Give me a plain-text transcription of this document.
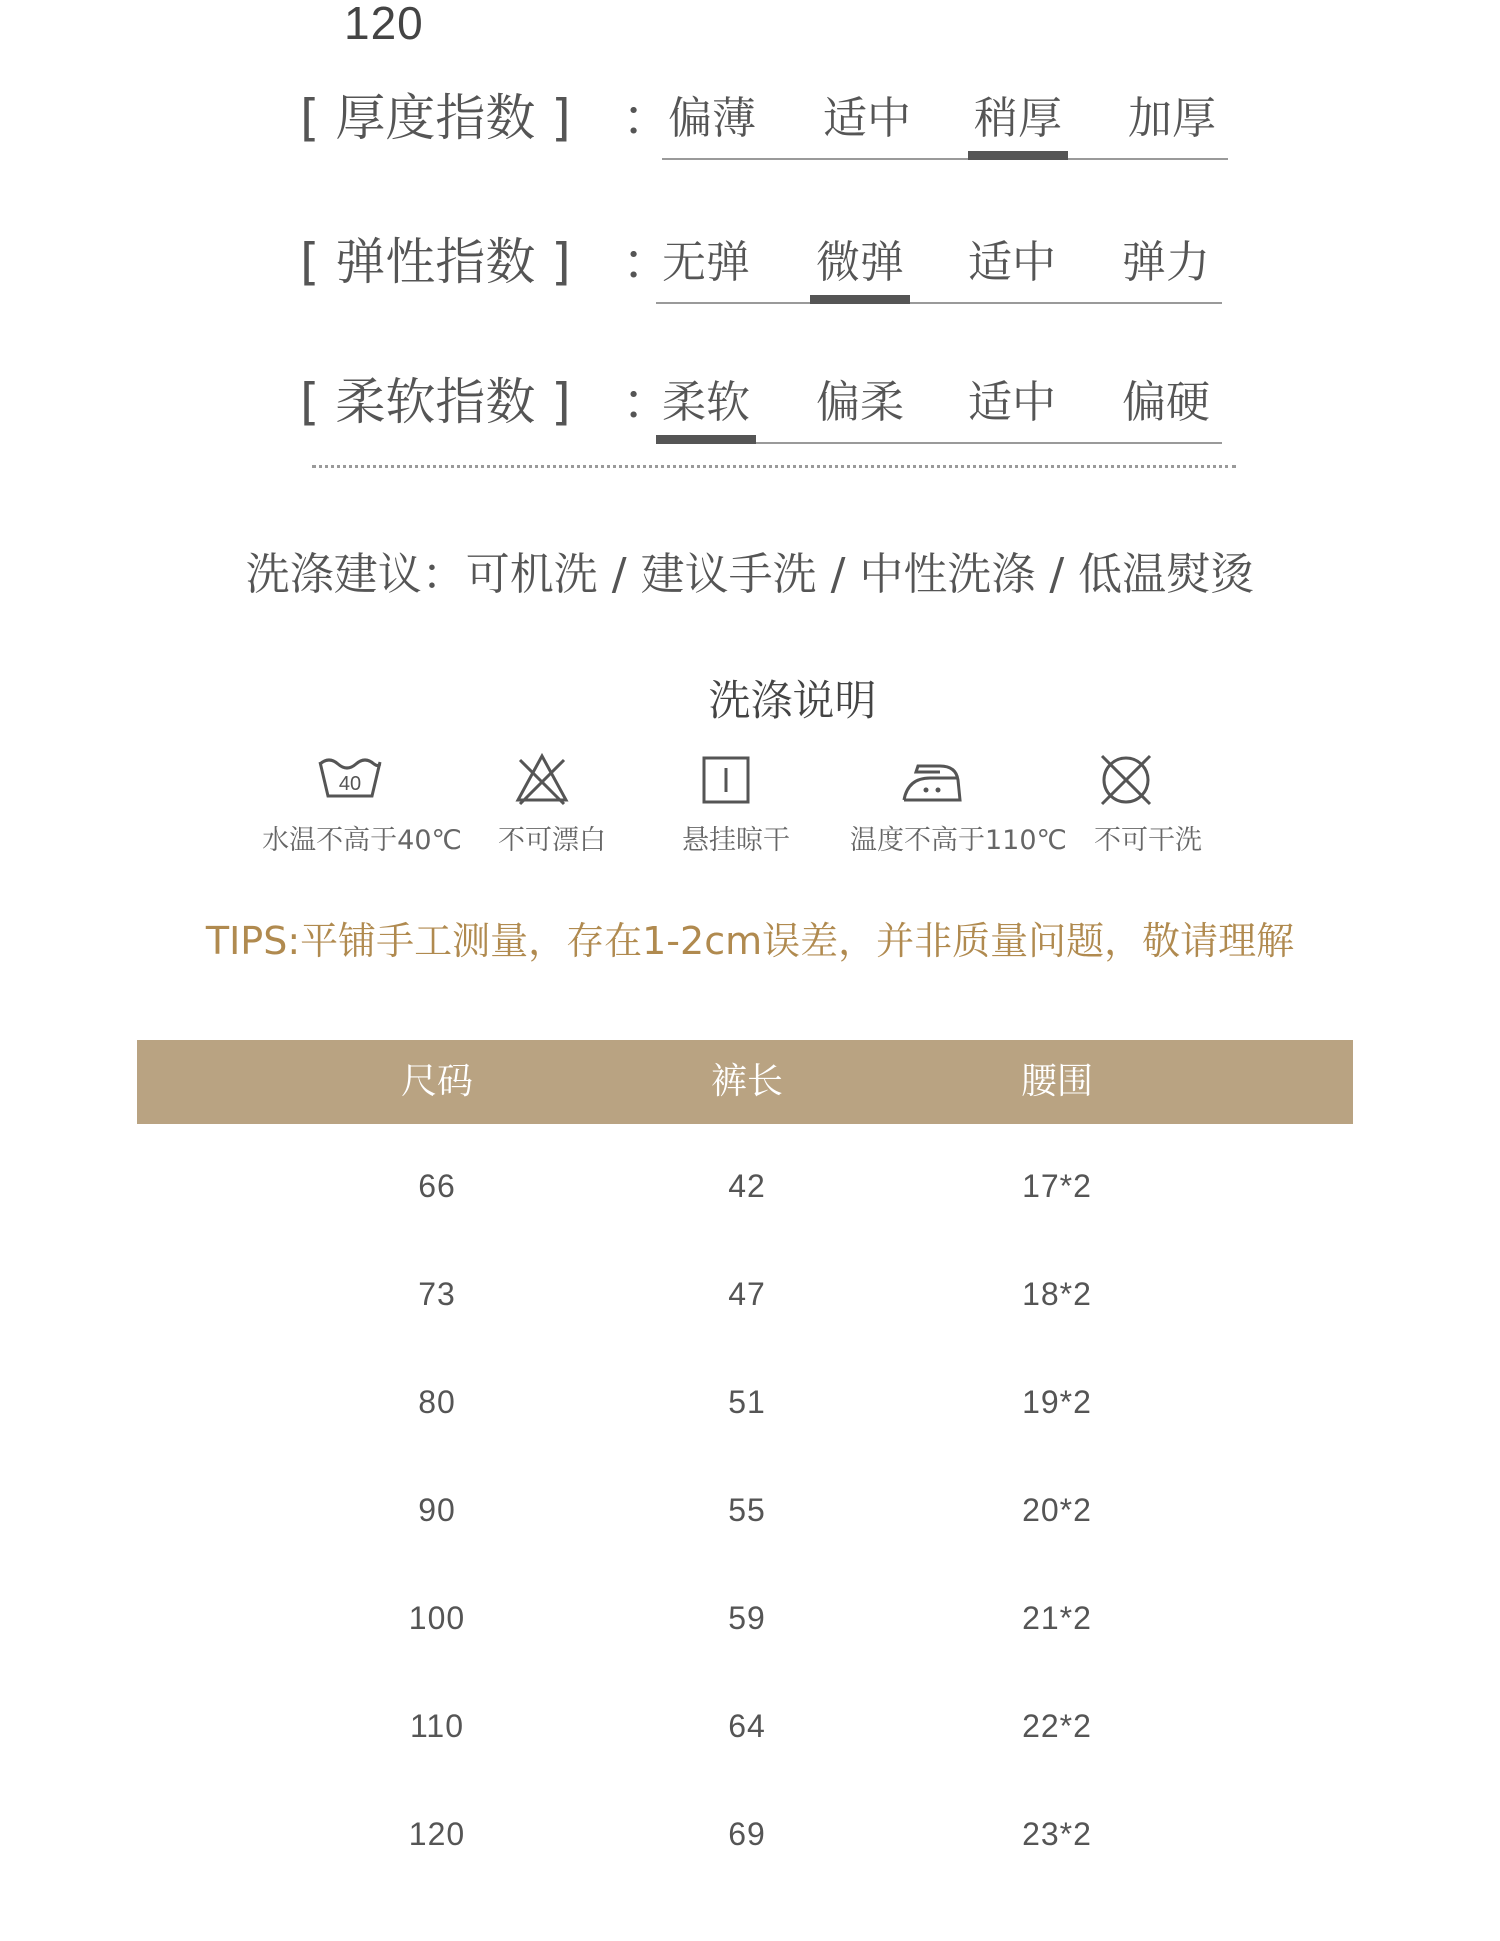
120
[ 厚度指数 ] ：
偏薄 适中 稍厚 加厚
[ 弹性指数 ] ：
无弹 微弹 适中 弹力
[ 柔软指数 ] ：
柔软 偏柔 适中 偏硬
洗涤建议：可机洗 / 建议手洗 / 中性洗涤 / 低温熨烫
洗涤说明
40
水温不高于40℃ 不可漂白	悬挂晾干 温度不高于110℃ 不可干洗
TIPS:平铺手工测量，存在1-2cm误差，并非质量问题，敬请理解
尺码	裤长	腰围
66	42	17*2
73	47	18*2
80	51	19*2
90	55	20*2
100	59	21*2
110	64	22*2
120	69	23*2
